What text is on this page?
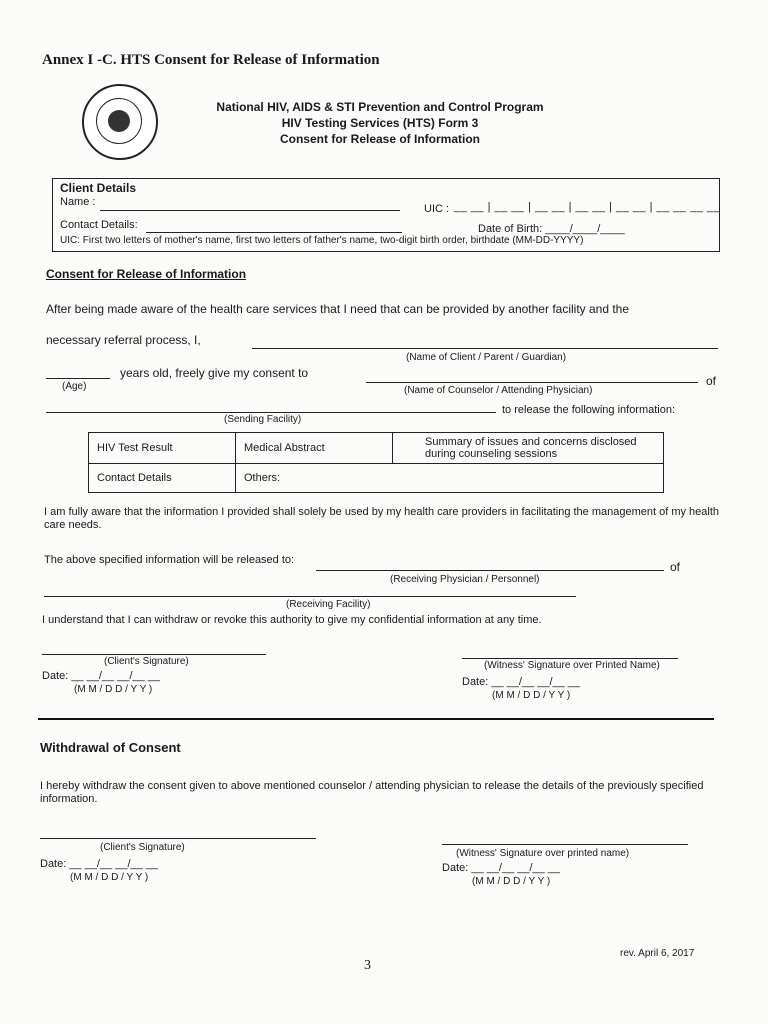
Annex I -C. HTS Consent for Release of Information
National HIV, AIDS & STI Prevention and Control Program
HIV Testing Services (HTS) Form 3
Consent for Release of Information
Client Details
Name :
UIC : __ __ | __ __ | __ __ | __ __ | __ __ | __ __ __ __
Contact Details:	Date of Birth: ____/____/____
UIC: First two letters of mother's name, first two letters of father's name, two-digit birth order, birthdate (MM-DD-YYYY)
Consent for Release of Information
After being made aware of the health care services that I need that can be provided by another facility and the
necessary referral process, I,
(Name of Client / Parent / Guardian)
years old, freely give my consent to
of
(Age)	(Name of Counselor / Attending Physician)
to release the following information:
(Sending Facility)
HIV Test Result	Medical Abstract	Summary of issues and concerns disclosed
during counseling sessions

Contact Details	Others:	
I am fully aware that the information I provided shall solely be used by my health care providers in facilitating the management of my health care needs.
The above specified information will be released to:	of
(Receiving Physician / Personnel)
(Receiving Facility)
I understand that I can withdraw or revoke this authority to give my confidential information at any time.
(Client's Signature)
Date: __ __/__ __/__ __
(M M / D D / Y Y )
(Witness' Signature over Printed Name)
Date: __ __/__ __/__ __
(M M / D D / Y Y )
Withdrawal of Consent
I hereby withdraw the consent given to above mentioned counselor / attending physician to release the details of the previously specified information.
(Client's Signature)
Date: __ __/__ __/__ __
(M M / D D / Y Y )
(Witness' Signature over printed name)
Date: __ __/__ __/__ __
(M M / D D / Y Y )
rev. April 6, 2017
3
